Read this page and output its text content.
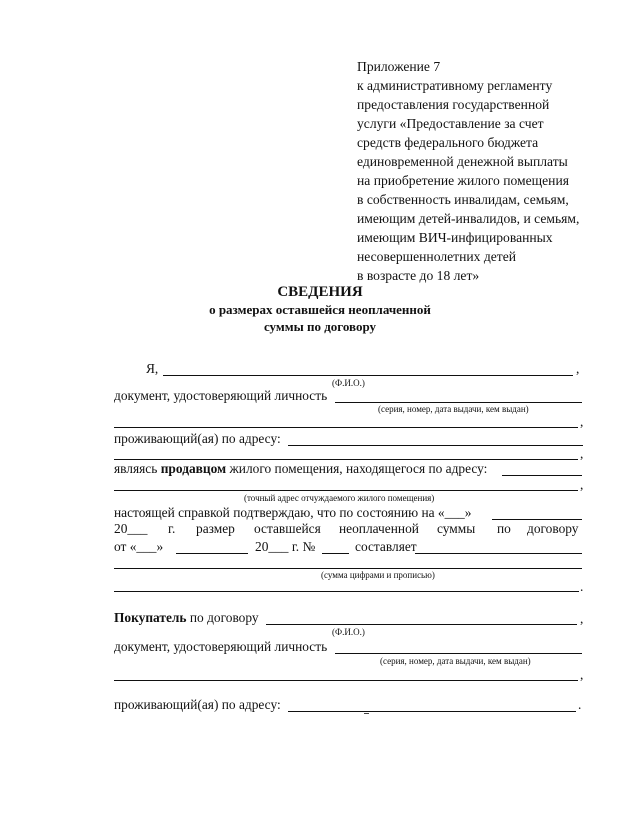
Приложение 7
к административному регламенту
предоставления государственной
услуги «Предоставление за счет
средств федерального бюджета
единовременной денежной выплаты
на приобретение жилого помещения
в собственность инвалидам, семьям,
имеющим детей-инвалидов, и семьям,
имеющим ВИЧ-инфицированных
несовершеннолетних детей
в возрасте до 18 лет»
СВЕДЕНИЯ
о размерах оставшейся неоплаченной
суммы по договору
Я,	,
(Ф.И.О.)
документ, удостоверяющий личность
(серия, номер, дата выдачи, кем выдан)
,
проживающий(ая) по адресу:
,
являясь продавцом жилого помещения, находящегося по адресу:
,
(точный адрес отчуждаемого жилого помещения)
настоящей справкой подтверждаю, что по состоянию на «___»
20___ г. размер оставшейся неоплаченной суммы по договору
от «___»	20___ г. №	составляет
(сумма цифрами и прописью)
.
Покупатель по договору	,
(Ф.И.О.)
документ, удостоверяющий личность
(серия, номер, дата выдачи, кем выдан)
,
проживающий(ая) по адресу:	.
